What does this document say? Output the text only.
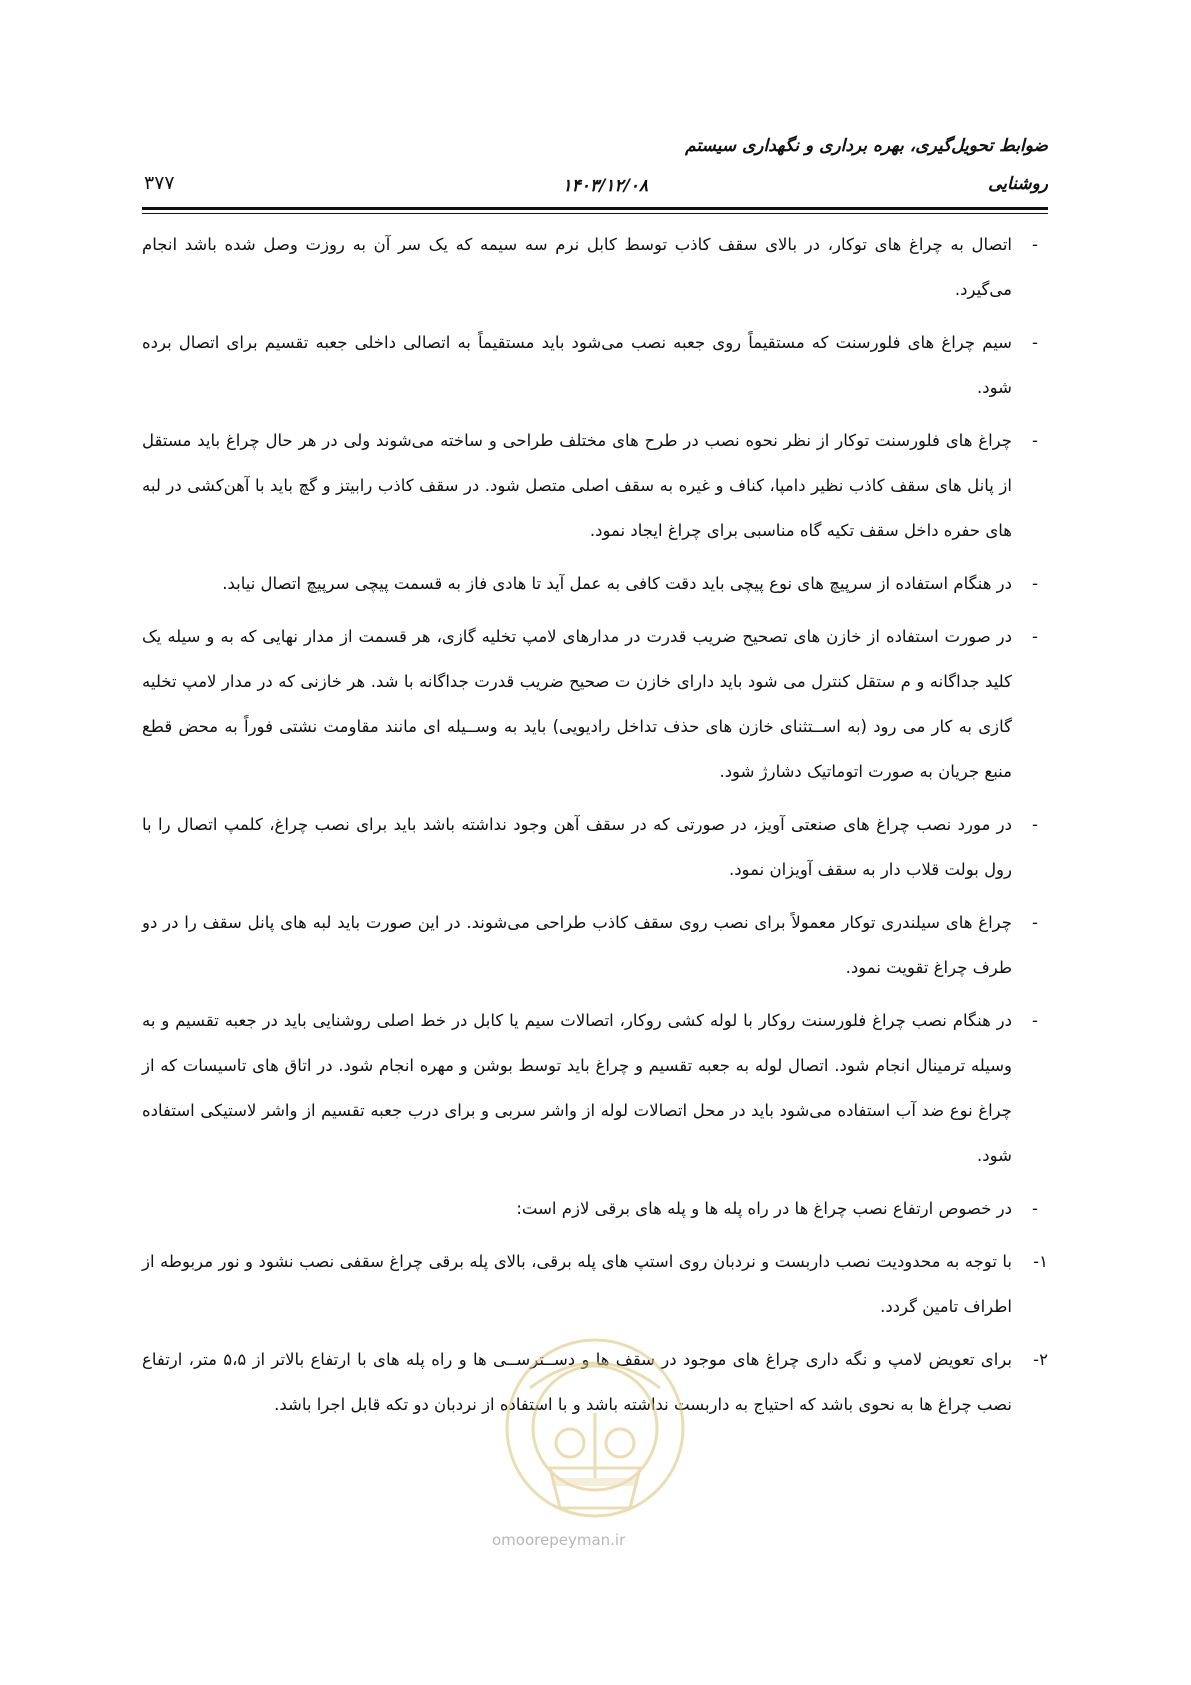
ضوابط تحویل‌گیری، بهره برداری و نگهداری سیستم
روشنایی
۱۴۰۳/۱۲/۰۸
۳۷۷
-
اتصال به چراغ های توکار، در بالای سقف کاذب توسط کابل نرم سه سیمه که یک سر آن به روزت وصل شده باشد انجام می‌گیرد.
-
سیم چراغ های فلورسنت که مستقیماً روی جعبه نصب می‌شود باید مستقیماً به اتصالی داخلی جعبه تقسیم برای اتصال برده شود.
-
چراغ های فلورسنت توکار از نظر نحوه نصب در طرح های مختلف طراحی و ساخته می‌شوند ولی در هر حال چراغ باید مستقل از پانل های سقف کاذب نظیر دامپا، کناف و غیره به سقف اصلی متصل شود. در سقف کاذب رابیتز و گچ باید با آهن‌کشی در لبه های حفره داخل سقف تکیه گاه مناسبی برای چراغ ایجاد نمود.
-
در هنگام استفاده از سرپیچ های نوع پیچی باید دقت کافی به عمل آید تا هادی فاز به قسمت پیچی سرپیچ اتصال نیابد.
-
در صورت استفاده از خازن های تصحیح ضریب قدرت در مدارهای لامپ تخلیه گازی، هر قسمت از مدار نهایی که به و سیله یک کلید جداگانه و م ستقل کنترل می شود باید دارای خازن ت صحیح ضریب قدرت جداگانه با شد. هر خازنی که در مدار لامپ تخلیه گازی به کار می رود (به اســتثنای خازن های حذف تداخل رادیویی) باید به وســیله ای مانند مقاومت نشتی فوراً به محض قطع منبع جریان به صورت اتوماتیک دشارژ شود.
-
در مورد نصب چراغ های صنعتی آویز، در صورتی که در سقف آهن وجود نداشته باشد باید برای نصب چراغ، کلمپ اتصال را با رول بولت قلاب دار به سقف آویزان نمود.
-
چراغ های سیلندری توکار معمولاً برای نصب روی سقف کاذب طراحی می‌شوند. در این صورت باید لبه های پانل سقف را در دو طرف چراغ تقویت نمود.
-
در هنگام نصب چراغ فلورسنت روکار با لوله کشی روکار، اتصالات سیم یا کابل در خط اصلی روشنایی باید در جعبه تقسیم و به وسیله ترمینال انجام شود. اتصال لوله به جعبه تقسیم و چراغ باید توسط بوشن و مهره انجام شود. در اتاق های تاسیسات که از چراغ نوع ضد آب استفاده می‌شود باید در محل اتصالات لوله از واشر سربی و برای درب جعبه تقسیم از واشر لاستیکی استفاده شود.
-
در خصوص ارتفاع نصب چراغ ها در راه پله ها و پله های برقی لازم است:
۱-
با توجه به محدودیت نصب داربست و نردبان روی استپ های پله برقی، بالای پله برقی چراغ سقفی نصب نشود و نور مربوطه از اطراف تامین گردد.
۲-
برای تعویض لامپ و نگه داری چراغ های موجود در سقف ها و دســترســی ها و راه پله های با ارتفاع بالاتر از ۵،۵ متر، ارتفاع نصب چراغ ها به نحوی باشد که احتیاج به داربست نداشته باشد و با استفاده از نردبان دو تکه قابل اجرا باشد.
omoorepeyman.ir
